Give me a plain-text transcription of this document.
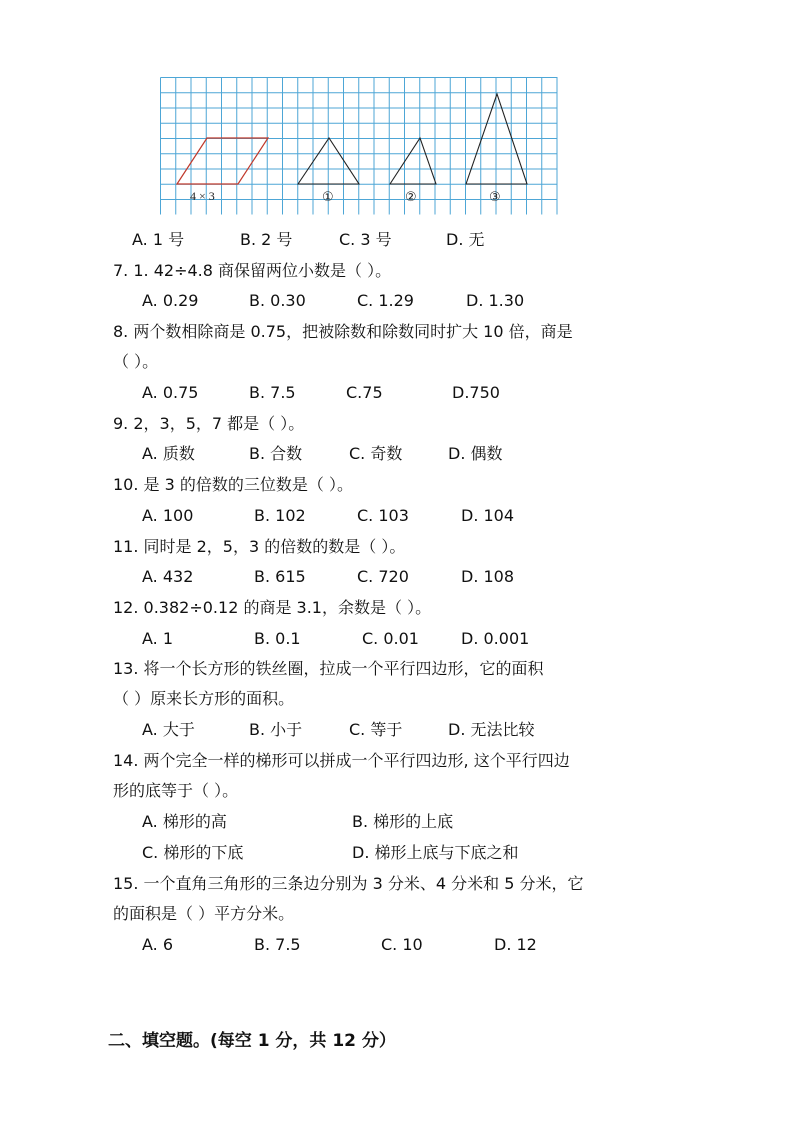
4 × 3	①	②	③
A. 1 号	B. 2 号	C. 3 号	D. 无
7. 1. 42÷4.8 商保留两位小数是（ ）。
A. 0.29	B. 0.30	C. 1.29	D. 1.30
8. 两个数相除商是 0.75，把被除数和除数同时扩大 10 倍，商是
（ ）。
A. 0.75	B. 7.5	C.75	D.750
9. 2，3，5，7 都是（ ）。
A. 质数	B. 合数	C. 奇数	D. 偶数
10. 是 3 的倍数的三位数是（ ）。
A. 100	B. 102	C. 103	D. 104
11. 同时是 2，5，3 的倍数的数是（ ）。
A. 432	B. 615	C. 720	D. 108
12. 0.382÷0.12 的商是 3.1，余数是（ ）。
A. 1	B. 0.1	C. 0.01	D. 0.001
13. 将一个长方形的铁丝圈，拉成一个平行四边形，它的面积
（ ）原来长方形的面积。
A. 大于	B. 小于	C. 等于	D. 无法比较
14. 两个完全一样的梯形可以拼成一个平行四边形, 这个平行四边
形的底等于（ ）。
A. 梯形的高	B. 梯形的上底
C. 梯形的下底	D. 梯形上底与下底之和
15. 一个直角三角形的三条边分别为 3 分米、4 分米和 5 分米，它
的面积是（ ）平方分米。
A. 6	B. 7.5	C. 10	D. 12
二、填空题。(每空 1 分，共 12 分）
